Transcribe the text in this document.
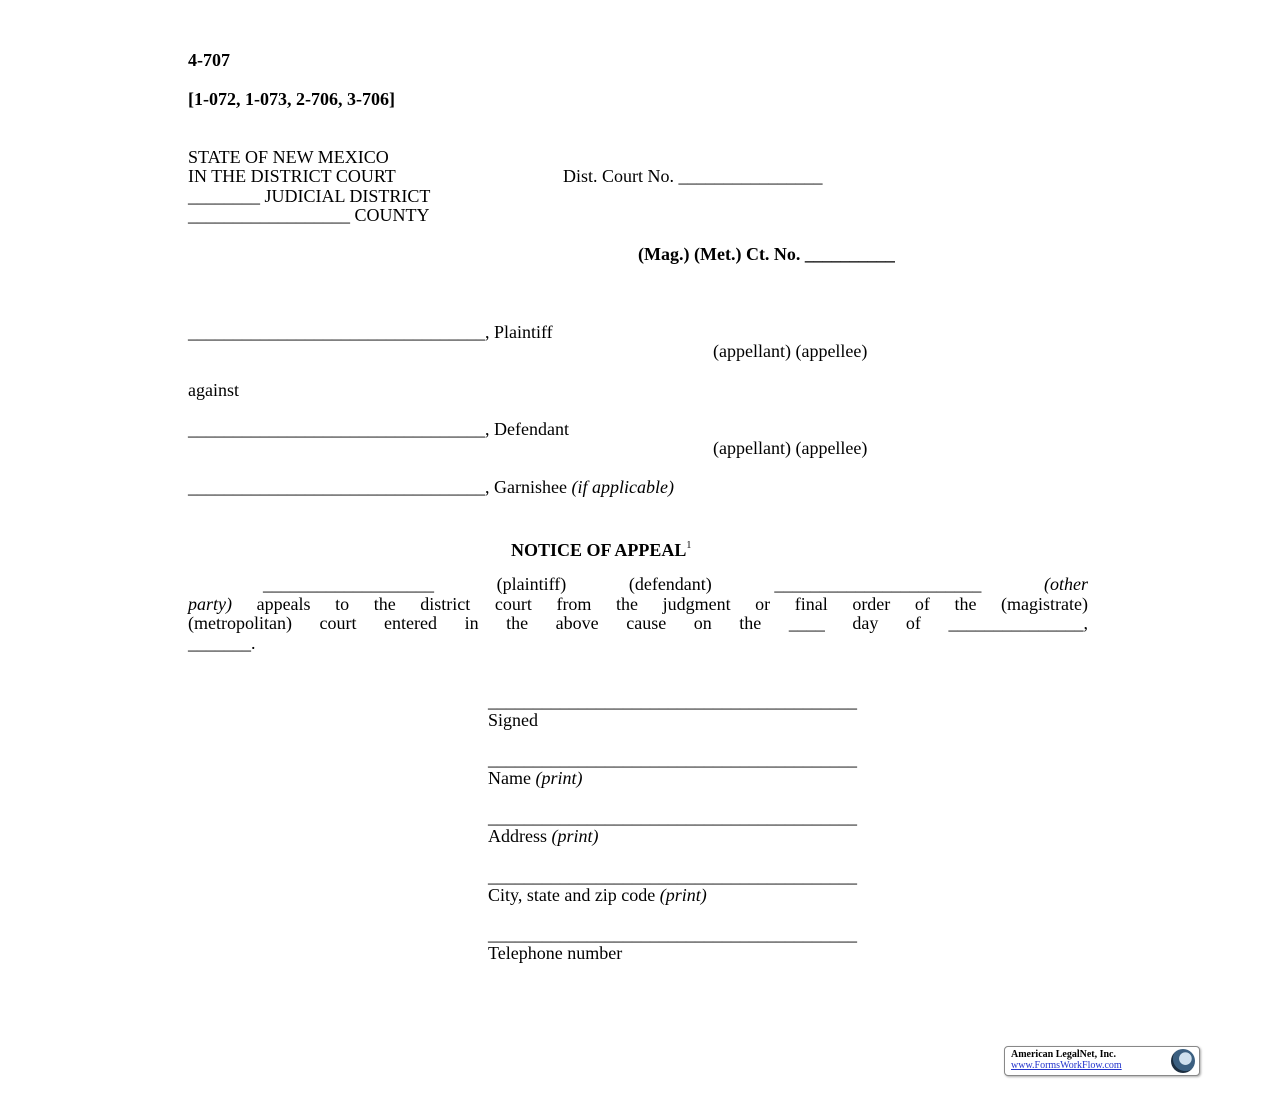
4-707
[1-072, 1-073, 2-706, 3-706]
STATE OF NEW MEXICO
IN THE DISTRICT COURT	Dist. Court No. ________________
________ JUDICIAL DISTRICT
__________________ COUNTY
(Mag.) (Met.) Ct. No. __________
_________________________________, Plaintiff
(appellant) (appellee)
against
_________________________________, Defendant
(appellant) (appellee)
_________________________________, Garnishee (if applicable)
NOTICE OF APPEAL$^1$
___________________ (plaintiff) (defendant) _______________________	(other
party) appeals to the district court from the judgment or final order of the (magistrate)
(metropolitan) court entered in the above cause on the ____ day of _______________,
_______.
_________________________________________
Signed
_________________________________________
Name (print)
_________________________________________
Address (print)
_________________________________________
City, state and zip code (print)
_________________________________________
Telephone number
American LegalNet, Inc.
www.FormsWorkFlow.com
